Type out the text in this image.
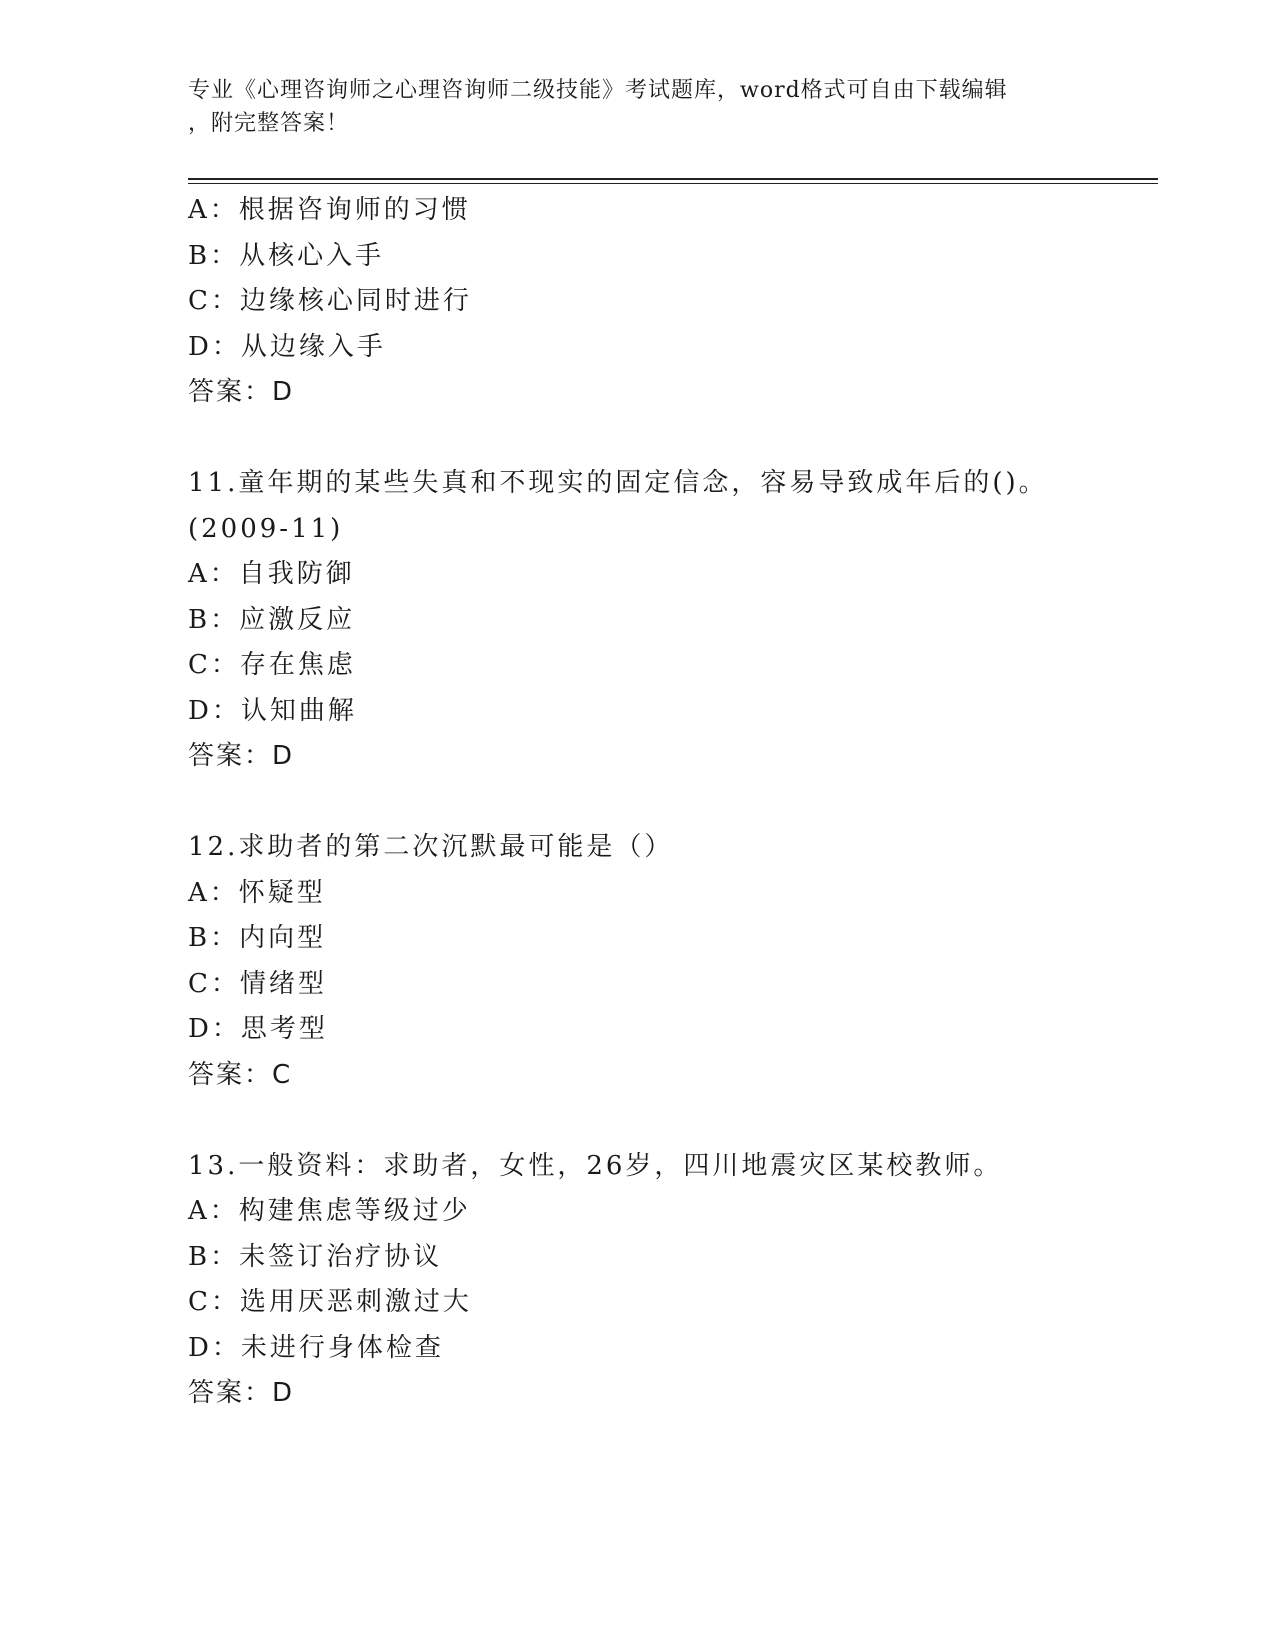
专业《心理咨询师之心理咨询师二级技能》考试题库，word格式可自由下载编辑
，附完整答案！
A：根据咨询师的习惯
B：从核心入手
C：边缘核心同时进行
D：从边缘入手
答案：D
11.童年期的某些失真和不现实的固定信念，容易导致成年后的()。
(2009-11)
A：自我防御
B：应激反应
C：存在焦虑
D：认知曲解
答案：D
12.求助者的第二次沉默最可能是（）
A：怀疑型
B：内向型
C：情绪型
D：思考型
答案：C
13.一般资料：求助者，女性，26岁，四川地震灾区某校教师。
A：构建焦虑等级过少
B：未签订治疗协议
C：选用厌恶刺激过大
D：未进行身体检查
答案：D
